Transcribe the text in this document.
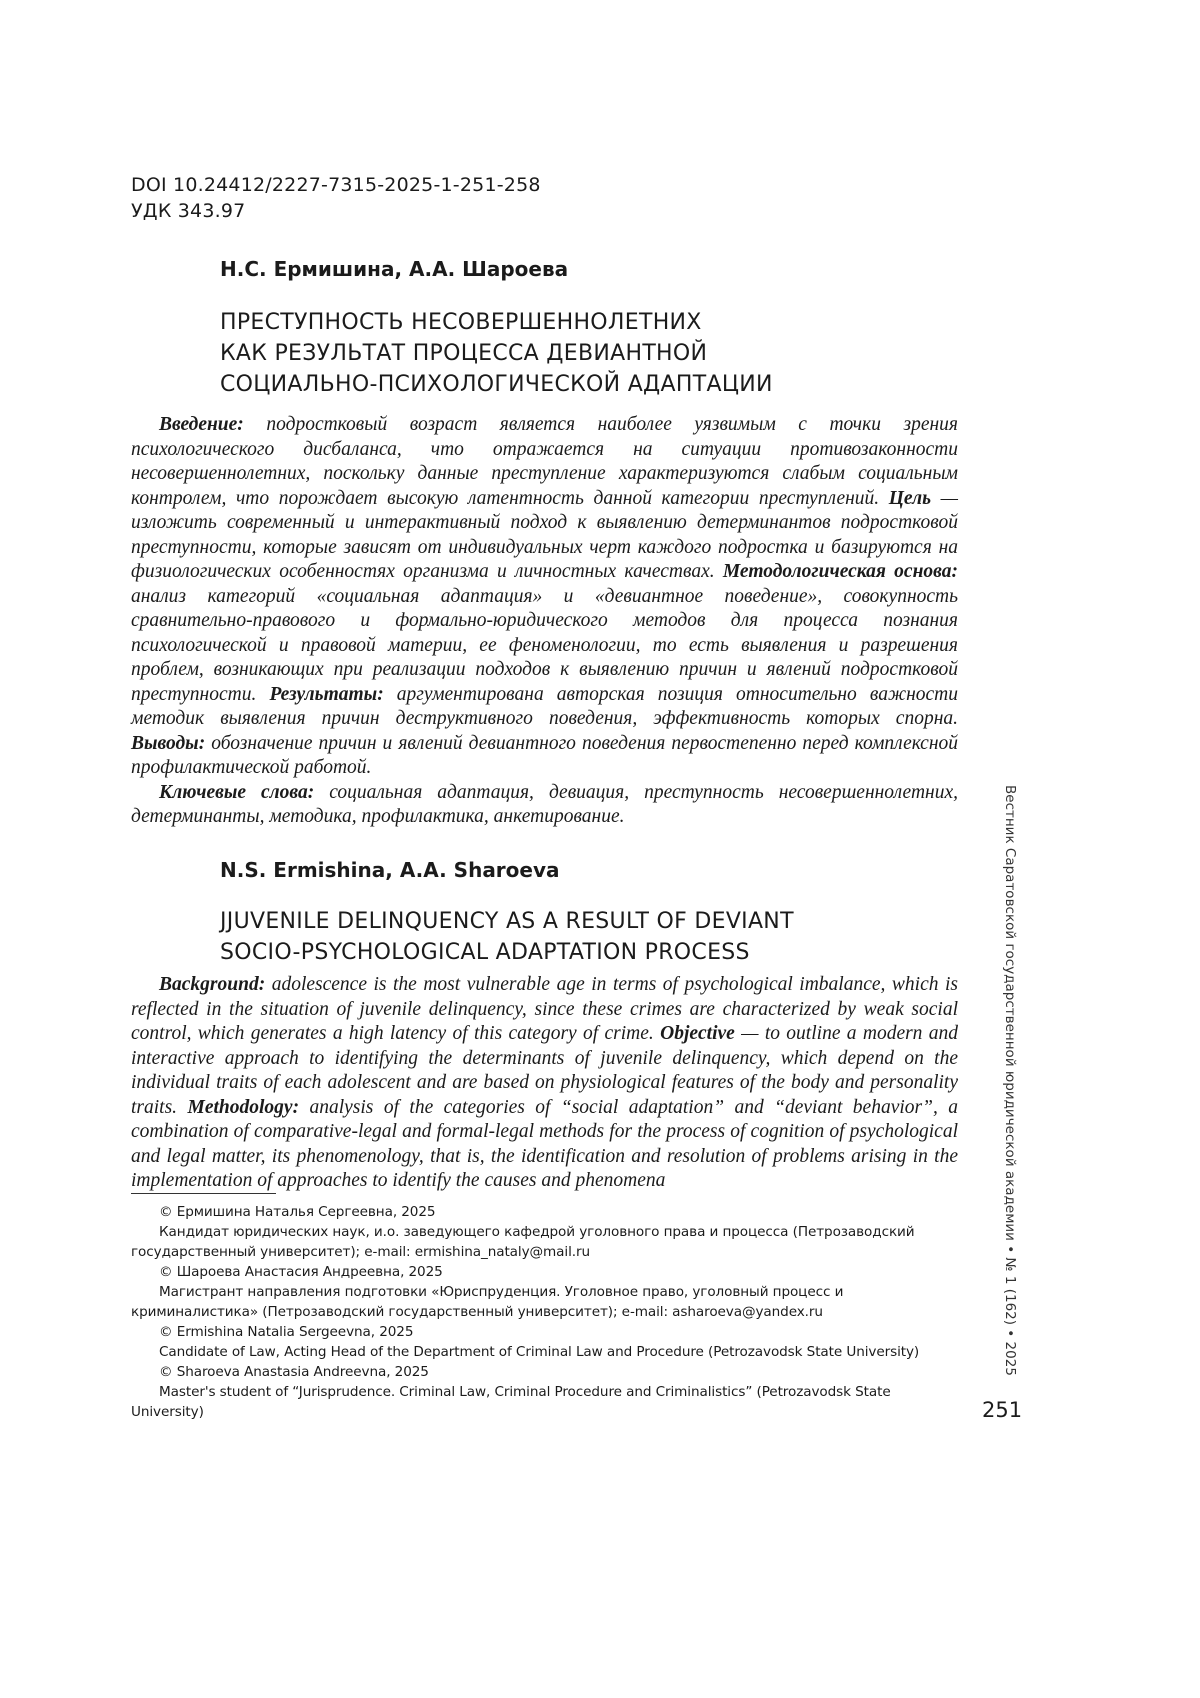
DOI 10.24412/2227-7315-2025-1-251-258
УДК 343.97
Н.С. Ермишина, А.А. Шароева
ПРЕСТУПНОСТЬ НЕСОВЕРШЕННОЛЕТНИХ
КАК РЕЗУЛЬТАТ ПРОЦЕССА ДЕВИАНТНОЙ
СОЦИАЛЬНО-ПСИХОЛОГИЧЕСКОЙ АДАПТАЦИИ

Введение: подростковый возраст является наиболее уязвимым с точки зрения психологического дисбаланса, что отражается на ситуации противозаконности несовершеннолетних, поскольку данные преступление характеризуются слабым социальным контролем, что порождает высокую латентность данной категории преступлений. Цель — изложить современный и интерактивный подход к выявлению детерминантов подростковой преступности, которые зависят от индивидуальных черт каждого подростка и базируются на физиологических особенностях организма и личностных качествах. Методологическая основа: анализ категорий «социальная адаптация» и «девиантное поведение», совокупность сравнительно-правового и формально-юридического методов для процесса познания психологической и правовой материи, ее феноменологии, то есть выявления и разрешения проблем, возникающих при реализации подходов к выявлению причин и явлений подростковой преступности. Результаты: аргументирована авторская позиция относительно важности методик выявления причин деструктивного поведения, эффективность которых спорна. Выводы: обозначение причин и явлений девиантного поведения первостепенно перед комплексной профилактической работой.

Ключевые слова: социальная адаптация, девиация, преступность несовершеннолетних, детерминанты, методика, профилактика, анкетирование.

N.S. Ermishina, A.A. Sharoeva
JJUVENILE DELINQUENCY AS A RESULT OF DEVIANT
SOCIO-PSYCHOLOGICAL ADAPTATION PROCESS

Background: adolescence is the most vulnerable age in terms of psychological imbalance, which is reflected in the situation of juvenile delinquency, since these crimes are characterized by weak social control, which generates a high latency of this category of crime. Objective — to outline a modern and interactive approach to identifying the determinants of juvenile delinquency, which depend on the individual traits of each adolescent and are based on physiological features of the body and personality traits. Methodology: analysis of the categories of “social adaptation” and “deviant behavior”, a combination of comparative-legal and formal-legal methods for the process of cognition of psychological and legal matter, its phenomenology, that is, the identification and resolution of problems arising in the implementation of approaches to identify the causes and phenomena

© Ермишина Наталья Сергеевна, 2025

Кандидат юридических наук, и.о. заведующего кафедрой уголовного права и процесса (Петрозаводский государственный университет); e-mail: ermishina_nataly@mail.ru

© Шароева Анастасия Андреевна, 2025

Магистрант направления подготовки «Юриспруденция. Уголовное право, уголовный процесс и криминалистика» (Петрозаводский государственный университет); e-mail: asharoeva@yandex.ru

© Ermishina Natalia Sergeevna, 2025

Candidate of Law, Acting Head of the Department of Criminal Law and Procedure (Petrozavodsk State University)

© Sharoeva Anastasia Andreevna, 2025

Master's student of “Jurisprudence. Criminal Law, Criminal Procedure and Criminalistics” (Petrozavodsk State University)

Вестник Саратовской государственной юридической академии • № 1 (162) • 2025
251
